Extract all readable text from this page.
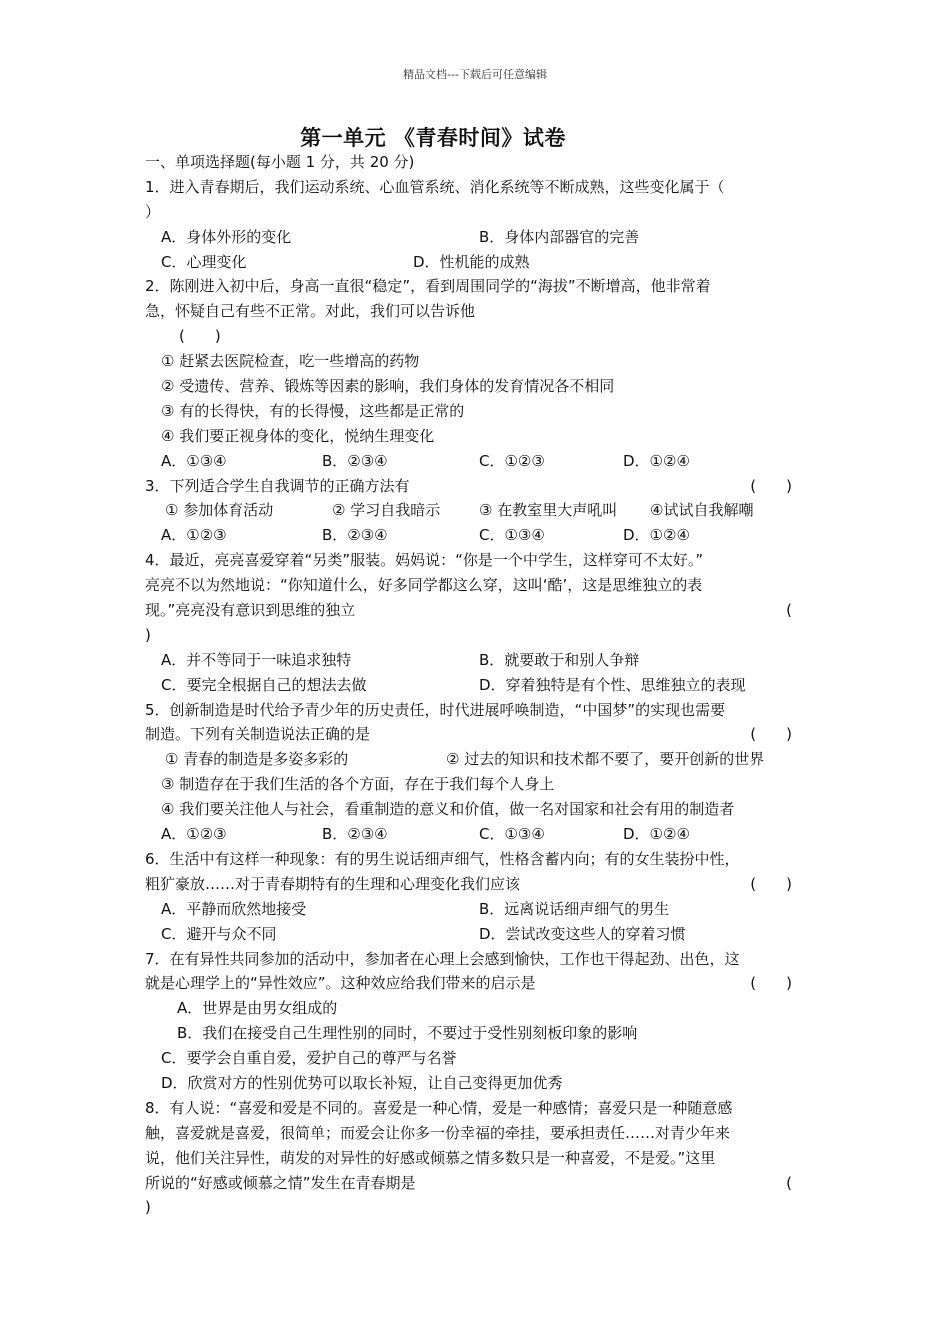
精品文档---下载后可任意编辑
第一单元 《青春时间》试卷
一、单项选择题(每小题 1 分，共 20 分)
1．进入青春期后，我们运动系统、心血管系统、消化系统等不断成熟，这些变化属于（
）
A．身体外形的变化	B．身体内部器官的完善
C．心理变化	D．性机能的成熟
2．陈刚进入初中后，身高一直很“稳定”，看到周围同学的“海拔”不断增高，他非常着
急，怀疑自己有些不正常。对此，我们可以告诉他
(　　)
① 赶紧去医院检查，吃一些增高的药物
② 受遗传、营养、锻炼等因素的影响，我们身体的发育情况各不相同
③ 有的长得快，有的长得慢，这些都是正常的
④ 我们要正视身体的变化，悦纳生理变化
A．①③④	B．②③④	C．①②③	D．①②④
3．下列适合学生自我调节的正确方法有	(　　)
① 参加体育活动	② 学习自我暗示	③ 在教室里大声吼叫 ④试试自我解嘲
A．①②③	B．②③④	C．①③④	D．①②④
4．最近，亮亮喜爱穿着“另类”服装。妈妈说：“你是一个中学生，这样穿可不太好。”
亮亮不以为然地说：“你知道什么，好多同学都这么穿，这叫‘酷’，这是思维独立的表
现。”亮亮没有意识到思维的独立	(
)
A．并不等同于一味追求独特	B．就要敢于和别人争辩
C．要完全根据自己的想法去做	D．穿着独特是有个性、思维独立的表现
5．创新制造是时代给予青少年的历史责任，时代进展呼唤制造，“中国梦”的实现也需要
制造。下列有关制造说法正确的是	(　　)
① 青春的制造是多姿多彩的	② 过去的知识和技术都不要了，要开创新的世界
③ 制造存在于我们生活的各个方面，存在于我们每个人身上
④ 我们要关注他人与社会，看重制造的意义和价值，做一名对国家和社会有用的制造者
A．①②③	B．②③④	C．①③④	D．①②④
6．生活中有这样一种现象：有的男生说话细声细气，性格含蓄内向；有的女生装扮中性，
粗犷豪放……对于青春期特有的生理和心理变化我们应该	(　　)
A．平静而欣然地接受	B．远离说话细声细气的男生
C．避开与众不同	D．尝试改变这些人的穿着习惯
7．在有异性共同参加的活动中，参加者在心理上会感到愉快，工作也干得起劲、出色，这
就是心理学上的“异性效应”。这种效应给我们带来的启示是	(　　)
A．世界是由男女组成的
B．我们在接受自己生理性别的同时，不要过于受性别刻板印象的影响
C．要学会自重自爱，爱护自己的尊严与名誉
D．欣赏对方的性别优势可以取长补短，让自己变得更加优秀
8．有人说：“喜爱和爱是不同的。喜爱是一种心情，爱是一种感情；喜爱只是一种随意感
触，喜爱就是喜爱，很简单；而爱会让你多一份幸福的牵挂，要承担责任……对青少年来
说，他们关注异性，萌发的对异性的好感或倾慕之情多数只是一种喜爱，不是爱。”这里
所说的“好感或倾慕之情”发生在青春期是	(
)
